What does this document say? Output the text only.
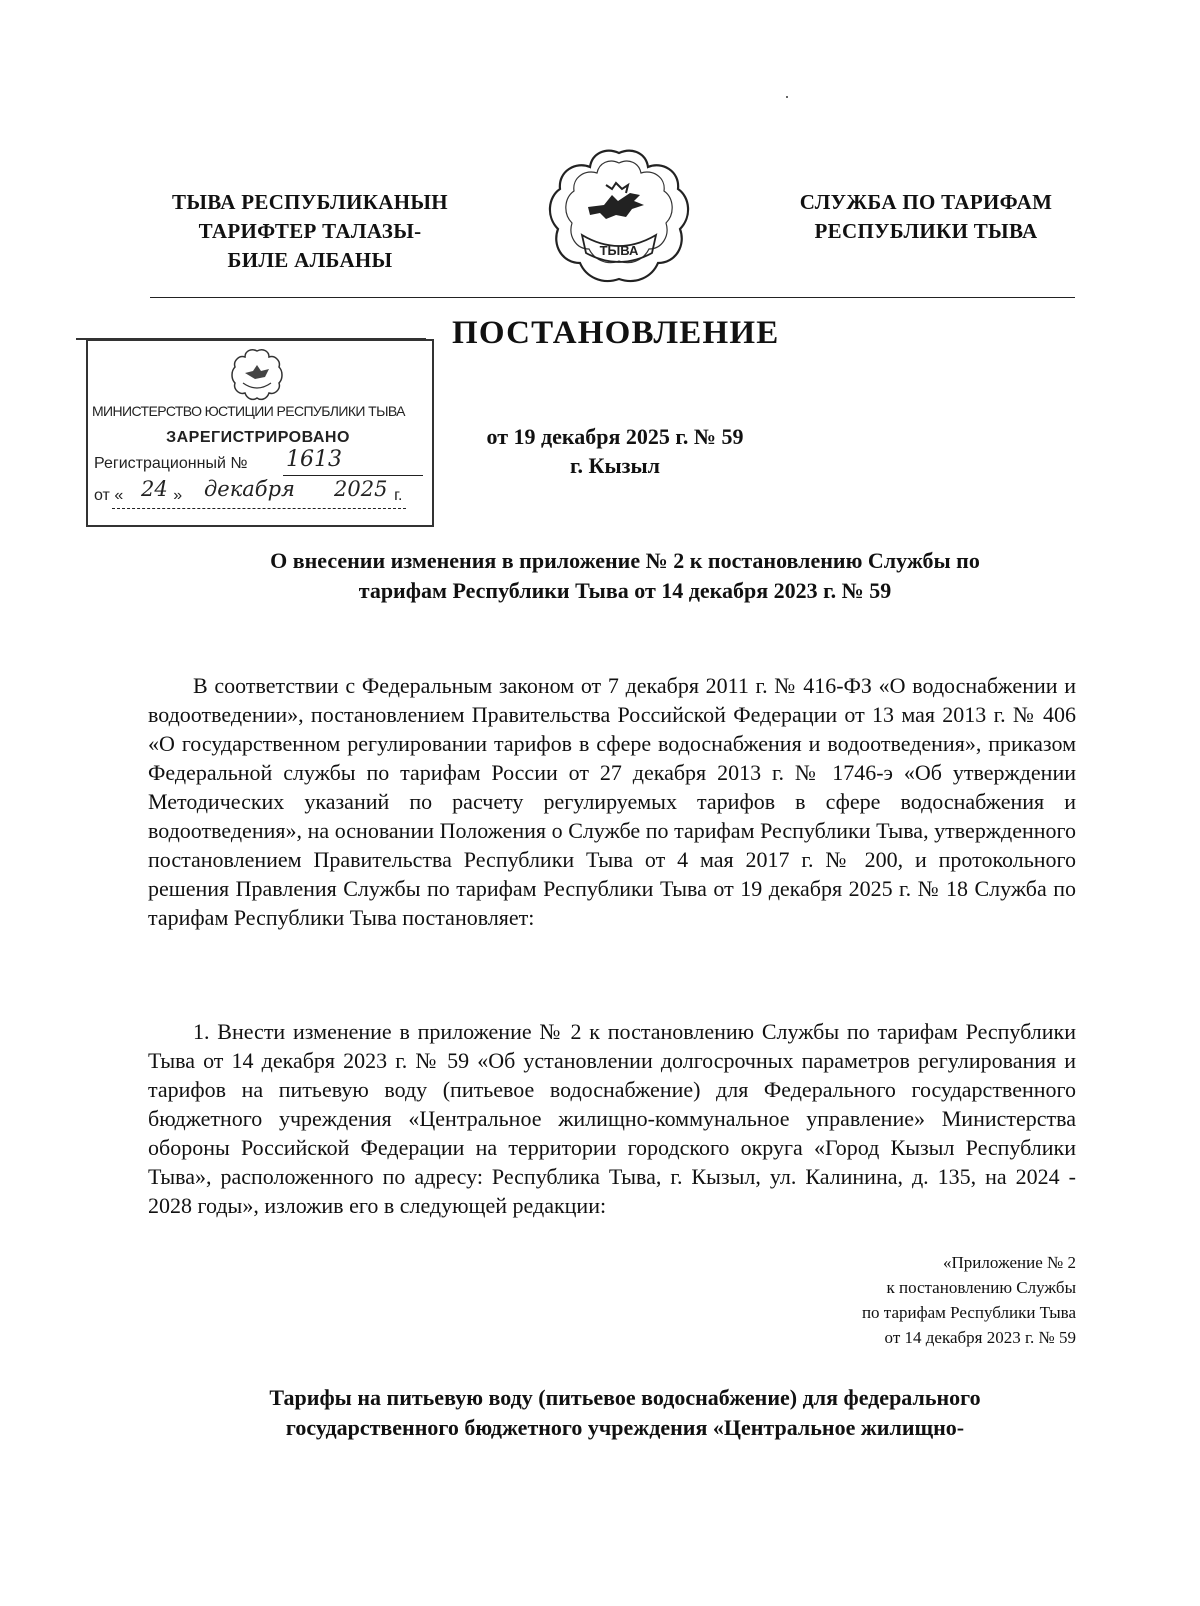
ТЫВА РЕСПУБЛИКАНЫН
ТАРИФТЕР ТАЛАЗЫ-
БИЛЕ АЛБАНЫ	ТЫВА
СЛУЖБА ПО ТАРИФАМ
РЕСПУБЛИКИ ТЫВА
ПОСТАНОВЛЕНИЕ
МИНИСТЕРСТВО ЮСТИЦИИ РЕСПУБЛИКИ ТЫВА
ЗАРЕГИСТРИРОВАНО
Регистрационный № 1613
от «	»	г.
24 декабря 2025
от 19 декабря 2025 г. № 59
г. Кызыл
О внесении изменения в приложение № 2 к постановлению Службы по
тарифам Республики Тыва от 14 декабря 2023 г. № 59
В соответствии с Федеральным законом от 7 декабря 2011 г. № 416-ФЗ «О водоснабжении и водоотведении», постановлением Правительства Российской Федерации от 13 мая 2013 г. № 406 «О государственном регулировании тарифов в сфере водоснабжения и водоотведения», приказом Федеральной службы по тарифам России от 27 декабря 2013 г. № 1746-э «Об утверждении Методических указаний по расчету регулируемых тарифов в сфере водоснабжения и водоотведения», на основании Положения о Службе по тарифам Республики Тыва, утвержденного постановлением Правительства Республики Тыва от 4 мая 2017 г. № 200, и протокольного решения Правления Службы по тарифам Республики Тыва от 19 декабря 2025 г. № 18 Служба по тарифам Республики Тыва постановляет:
1. Внести изменение в приложение № 2 к постановлению Службы по тарифам Республики Тыва от 14 декабря 2023 г. № 59 «Об установлении долгосрочных параметров регулирования и тарифов на питьевую воду (питьевое водоснабжение) для Федерального государственного бюджетного учреждения «Центральное жилищно-коммунальное управление» Министерства обороны Российской Федерации на территории городского округа «Город Кызыл Республики Тыва», расположенного по адресу: Республика Тыва, г. Кызыл, ул. Калинина, д. 135, на 2024 - 2028 годы», изложив его в следующей редакции:
«Приложение № 2
к постановлению Службы
по тарифам Республики Тыва
от 14 декабря 2023 г. № 59
Тарифы на питьевую воду (питьевое водоснабжение) для федерального
государственного бюджетного учреждения «Центральное жилищно-
